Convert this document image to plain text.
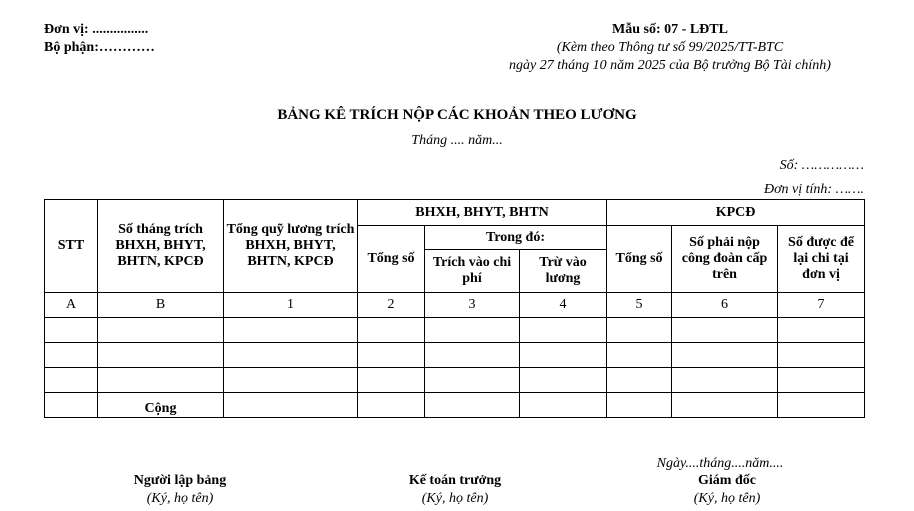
Đơn vị: ................
Bộ phận:…………
Mẫu số: 07 - LĐTL
(Kèm theo Thông tư số 99/2025/TT-BTC
ngày 27 tháng 10 năm 2025 của Bộ trưởng Bộ Tài chính)
BẢNG KÊ TRÍCH NỘP CÁC KHOẢN THEO LƯƠNG
Tháng .... năm...
Số: ……………
Đơn vị tính: …….
STT	Số tháng trích BHXH, BHYT, BHTN, KPCĐ	Tổng quỹ lương trích BHXH, BHYT, BHTN, KPCĐ	BHXH, BHYT, BHTN			KPCĐ		
			Tổng số	Trong đó:		Tổng số	Số phải nộp công đoàn cấp trên	Số được để lại chi tại đơn vị
				Trích vào chi phí	Trừ vào lương			
A	B	1	2	3	4	5	6	7

	Cộng							
Ngày....tháng....năm....
Người lập bảng
(Ký, họ tên)
Kế toán trưởng
(Ký, họ tên)
Giám đốc
(Ký, họ tên)
